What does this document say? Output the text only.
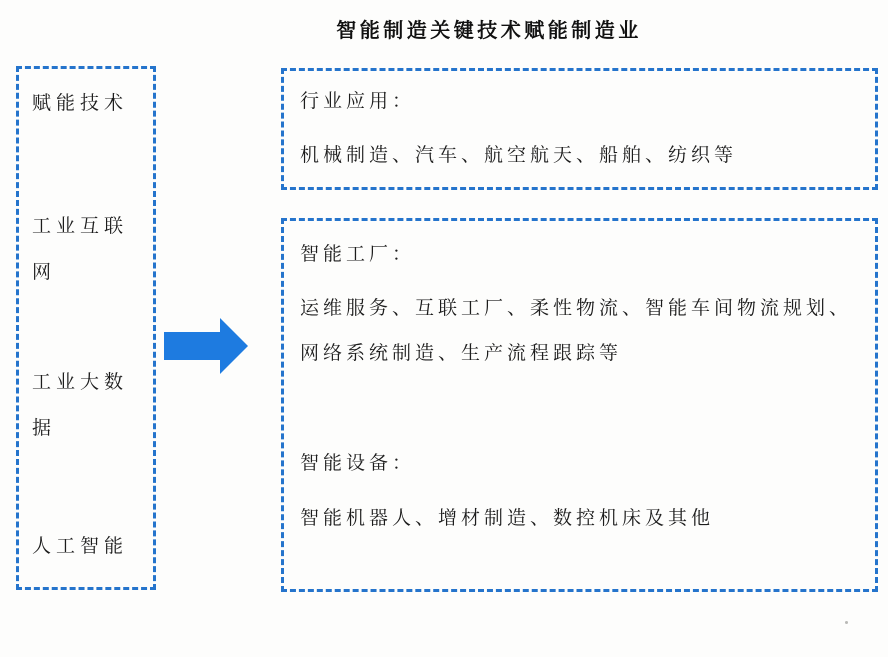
智能制造关键技术赋能制造业
赋能技术
工业互联网
工业大数据
人工智能
行业应用：
机械制造、汽车、航空航天、船舶、纺织等
智能工厂：
运维服务、互联工厂、柔性物流、智能车间物流规划、
网络系统制造、生产流程跟踪等
智能设备：
智能机器人、增材制造、数控机床及其他
